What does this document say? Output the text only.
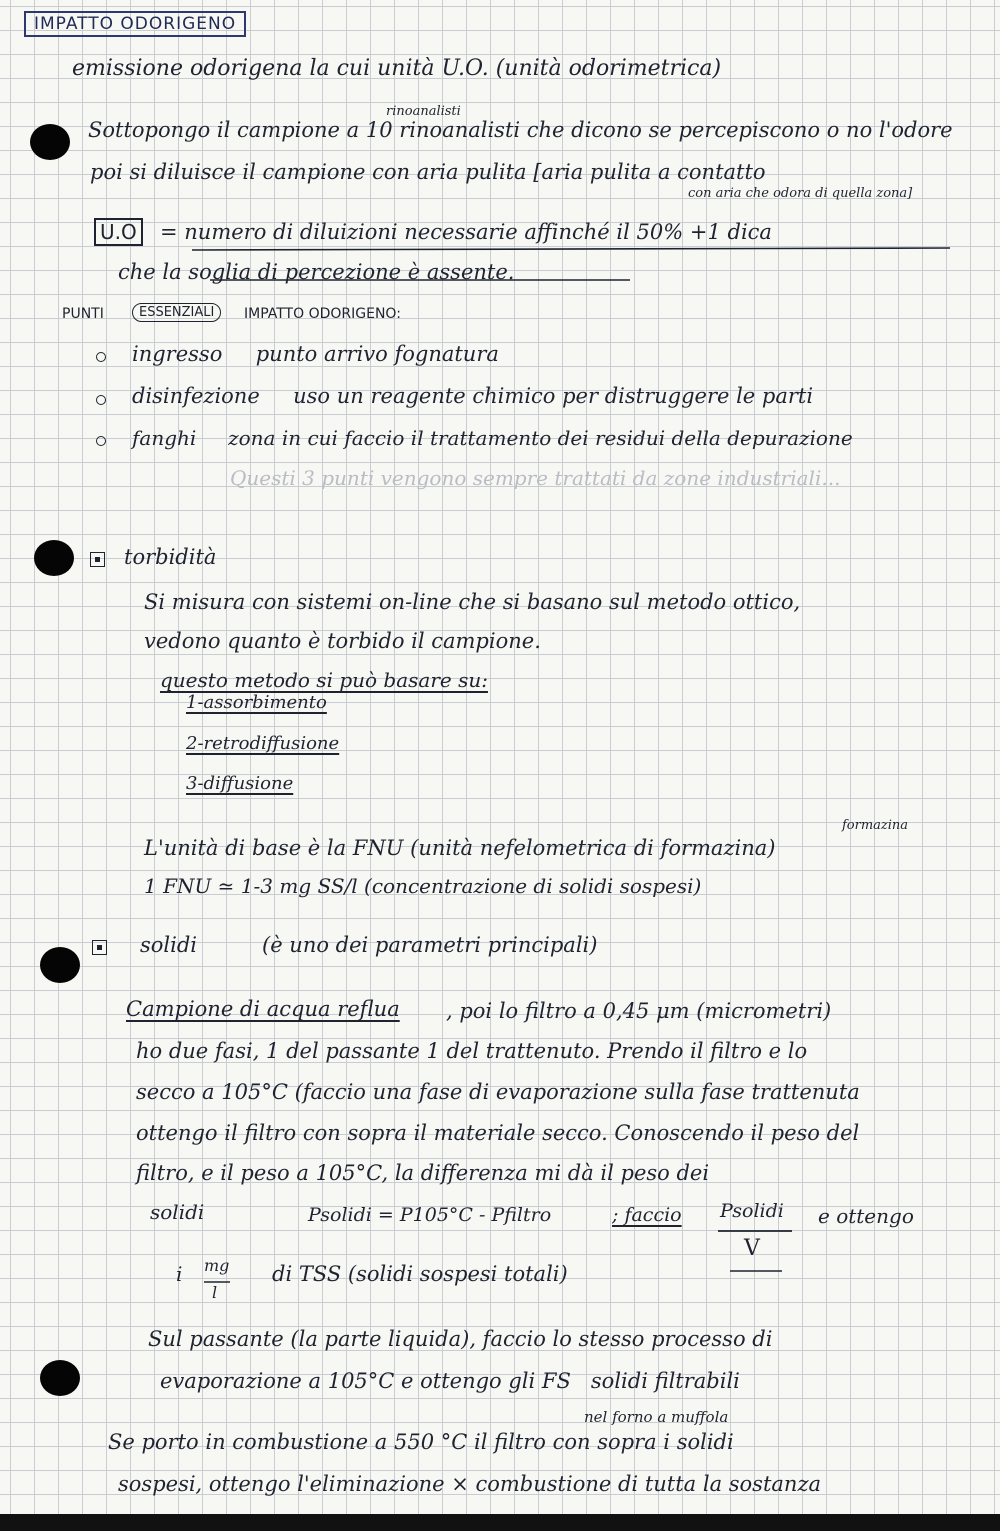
IMPATTO ODORIGENO
emissione odorigena la cui unità U.O. (unità odorimetrica)
rinoanalisti
Sottopongo il campione a 10 rinoanalisti che dicono se percepiscono o no l'odore
poi si diluisce il campione con aria pulita [aria pulita a contatto
con aria che odora di quella zona]
U.O = numero di diluizioni necessarie affinché il 50% +1 dica
che la soglia di percezione è assente.
PUNTI	ESSENZIALI	IMPATTO ODORIGENO:
ingresso     punto arrivo fognatura
disinfezione     uso un reagente chimico per distruggere le parti
fanghi     zona in cui faccio il trattamento dei residui della depurazione
Questi 3 punti vengono sempre trattati da zone industriali...
torbidità
Si misura con sistemi on-line che si basano sul metodo ottico,
vedono quanto è torbido il campione.
questo metodo si può basare su:
1-assorbimento
2-retrodiffusione
3-diffusione
formazina
L'unità di base è la FNU (unità nefelometrica di formazina)
1 FNU ≃ 1-3 mg SS/l (concentrazione di solidi sospesi)
solidi	(è uno dei parametri principali)
Campione di acqua reflua , poi lo filtro a 0,45 μm (micrometri)
ho due fasi, 1 del passante 1 del trattenuto. Prendo il filtro e lo
secco a 105°C (faccio una fase di evaporazione sulla fase trattenuta
ottengo il filtro con sopra il materiale secco. Conoscendo il peso del
filtro, e il peso a 105°C, la differenza mi dà il peso dei
solidi	Psolidi = P105°C - Pfiltro	; faccio Psolidi
V
e ottengo
i mg
l
di TSS (solidi sospesi totali)
Sul passante (la parte liquida), faccio lo stesso processo di
evaporazione a 105°C e ottengo gli FS   solidi filtrabili
nel forno a muffola
Se porto in combustione a 550 °C il filtro con sopra i solidi
sospesi, ottengo l'eliminazione × combustione di tutta la sostanza
